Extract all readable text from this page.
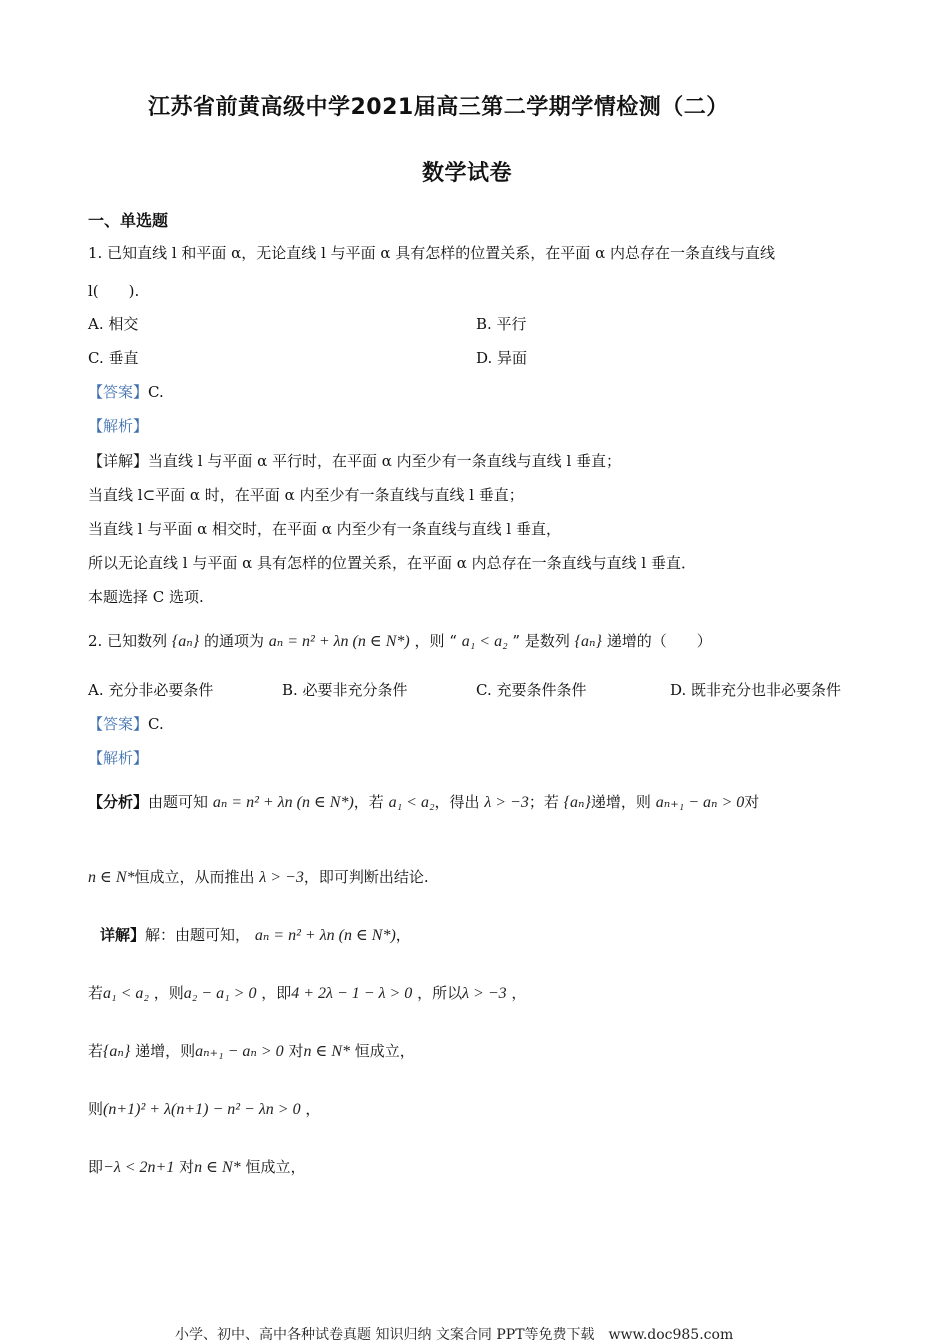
江苏省前黄高级中学2021届高三第二学期学情检测（二）
数学试卷
一、单选题
1. 已知直线 l 和平面 α，无论直线 l 与平面 α 具有怎样的位置关系，在平面 α 内总存在一条直线与直线
l(　　).
A. 相交	B. 平行
C. 垂直	D. 异面
【答案】C.
【解析】
【详解】当直线 l 与平面 α 平行时，在平面 α 内至少有一条直线与直线 l 垂直；
当直线 l⊂平面 α 时，在平面 α 内至少有一条直线与直线 l 垂直；
当直线 l 与平面 α 相交时，在平面 α 内至少有一条直线与直线 l 垂直，
所以无论直线 l 与平面 α 具有怎样的位置关系，在平面 α 内总存在一条直线与直线 l 垂直．
本题选择 C 选项.
2. 已知数列 {aₙ} 的通项为 aₙ = n² + λn (n ∈ N*) ，则 “ a₁ < a₂ ” 是数列 {aₙ} 递增的（　　）
A. 充分非必要条件	B. 必要非充分条件	C. 充要条件条件	D. 既非充分也非必要条件
【答案】C.
【解析】
【分析】由题可知 aₙ = n² + λn (n ∈ N*)，若 a₁ < a₂，得出 λ > −3；若 {aₙ}递增，则 aₙ₊₁ − aₙ > 0对
n ∈ N*恒成立，从而推出 λ > −3，即可判断出结论.
详解】解：由题可知， aₙ = n² + λn (n ∈ N*)，
若a₁ < a₂ ，则a₂ − a₁ > 0 ，即4 + 2λ − 1 − λ > 0 ，所以λ > −3 ，
若{aₙ} 递增，则aₙ₊₁ − aₙ > 0 对n ∈ N* 恒成立，
则(n+1)² + λ(n+1) − n² − λn > 0 ，
即−λ < 2n+1 对n ∈ N* 恒成立，
小学、初中、高中各种试卷真题 知识归纳 文案合同 PPT等免费下载　www.doc985.com
